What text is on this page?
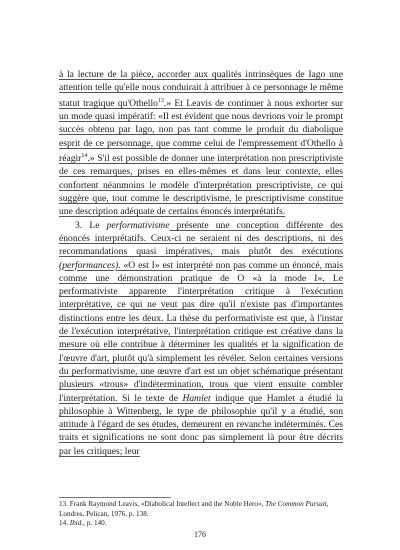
à la lecture de la pièce, accorder aux qualités intrinsèques de Iago une attention telle qu'elle nous conduirait à attribuer à ce personnage le même statut tragique qu'Othello$^{13}$.» Et Leavis de continuer à nous exhorter sur un mode quasi impératif: «Il est évident que nous devrions voir le prompt succès obtenu par Iago, non pas tant comme le produit du diabolique esprit de ce personnage, que comme celui de l'empressement d'Othello à réagir$^{14}$.» S'il est possible de donner une interprétation non prescriptiviste de ces remarques, prises en elles-mêmes et dans leur contexte, elles confortent néanmoins le modèle d'interprétation prescriptiviste, ce qui suggère que, tout comme le descriptivisme, le prescriptivisme constitue une description adéquate de certains énoncés interprétatifs.

3. Le performativisme présente une conception différente des énoncés interprétatifs. Ceux-ci ne seraient ni des descriptions, ni des recommandations quasi impératives, mais plutôt des exécutions (performances). «O est I» est interprété non pas comme un énoncé, mais comme une démonstration pratique de O «à la mode I». Le performativiste apparente l'interprétation critique à l'exécution interprétative, ce qui ne veut pas dire qu'il n'existe pas d'importantes distinctions entre les deux. La thèse du performativiste est que, à l'instar de l'exécution interprétative, l'interprétation critique est créative dans la mesure où elle contribue à déterminer les qualités et la signification de l'œuvre d'art, plutôt qu'à simplement les révéler. Selon certaines versions du performativisme, une œuvre d'art est un objet schématique présentant plusieurs «trous» d'indétermination, trous que vient ensuite combler l'interprétation. Si le texte de Hamlet indique que Hamlet a étudié la philosophie à Wittenberg, le type de philosophie qu'il y a étudié, son attitude à l'égard de ses études, demeurent en revanche indéterminés. Ces traits et significations ne sont donc pas simplement là pour être décrits par les critiques; leur

13. Frank Raymond Leavis, «Diabolical Intellect and the Noble Hero», The Common Pursuit, Londres, Pelican, 1976, p. 138.

14. Ibid., p. 140.

176
